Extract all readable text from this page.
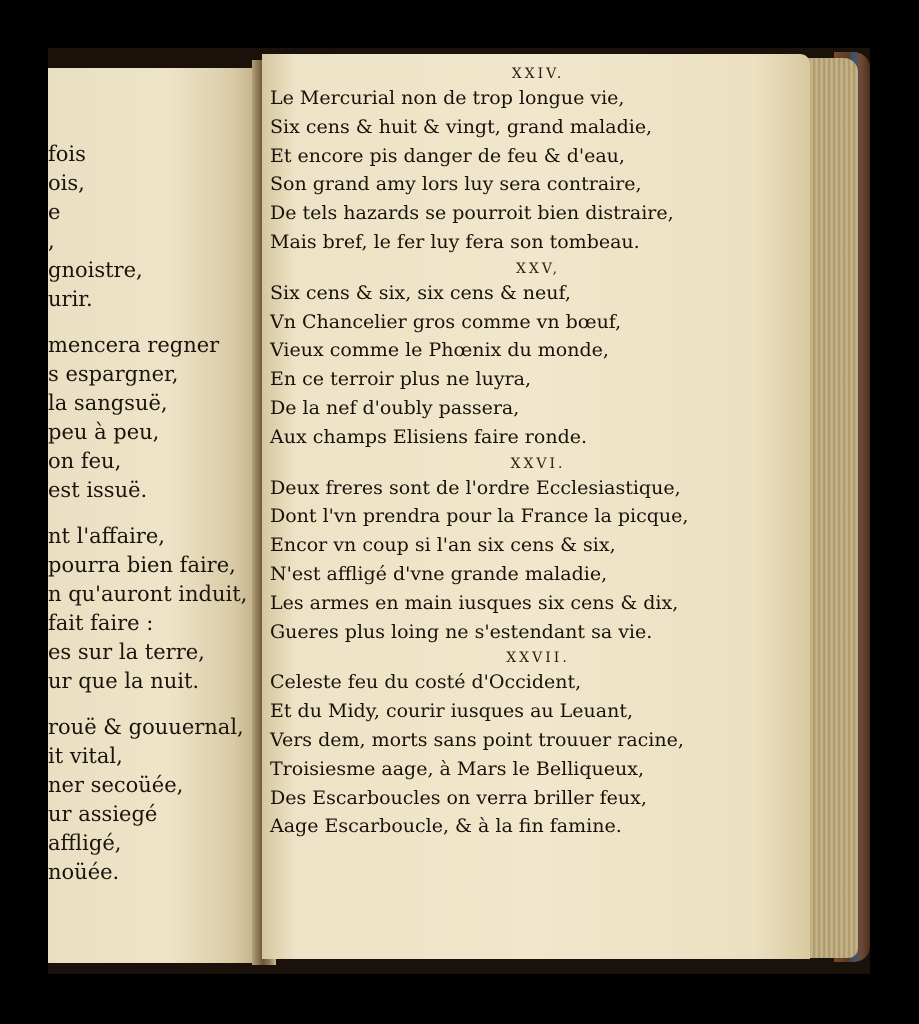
fois
ois,
e
,
gnoistre,
urir.
mencera regner
s espargner,
la sangsuë,
peu à peu,
on feu,
est issuë.
nt l'affaire,
pourra bien faire,
n qu'auront induit,
fait faire :
es sur la terre,
ur que la nuit.
rouë & gouuernal,
it vital,
ner secoüée,
ur assiegé
affligé,
noüée.
XXIV.
Le Mercurial non de trop longue vie,
Six cens & huit & vingt, grand maladie,
Et encore pis danger de feu & d'eau,
Son grand amy lors luy sera contraire,
De tels hazards se pourroit bien distraire,
Mais bref, le fer luy fera son tombeau.
XXV,
Six cens & six, six cens & neuf,
Vn Chancelier gros comme vn bœuf,
Vieux comme le Phœnix du monde,
En ce terroir plus ne luyra,
De la nef d'oubly passera,
Aux champs Elisiens faire ronde.
XXVI.
Deux freres sont de l'ordre Ecclesiastique,
Dont l'vn prendra pour la France la picque,
Encor vn coup si l'an six cens & six,
N'est affligé d'vne grande maladie,
Les armes en main iusques six cens & dix,
Gueres plus loing ne s'estendant sa vie.
XXVII.
Celeste feu du costé d'Occident,
Et du Midy, courir iusques au Leuant,
Vers dem, morts sans point trouuer racine,
Troisiesme aage, à Mars le Belliqueux,
Des Escarboucles on verra briller feux,
Aage Escarboucle, & à la fin famine.
